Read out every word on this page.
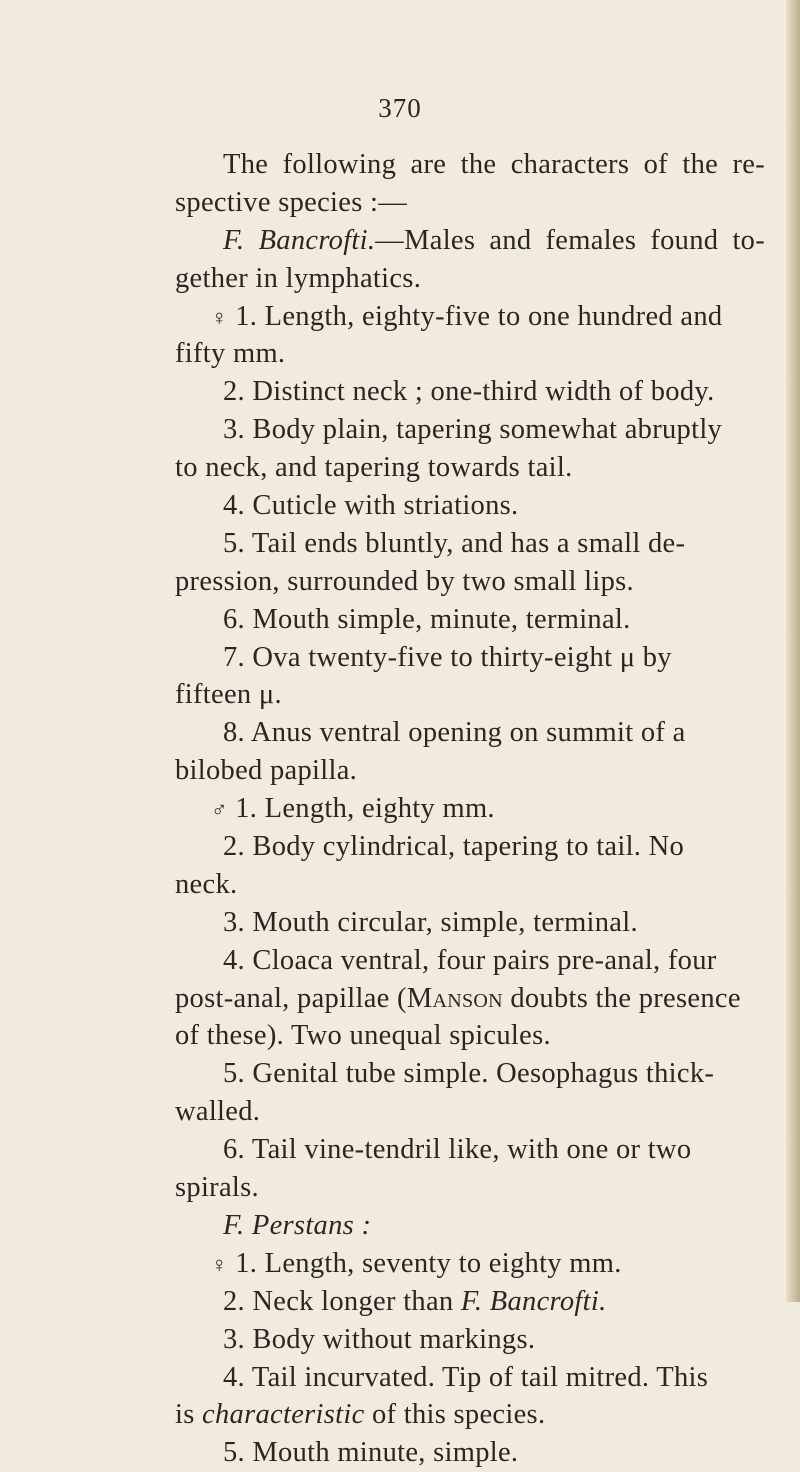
370
The following are the characters of the re-
spective species :—
F. Bancrofti.—Males and females found to-
gether in lymphatics.
♀ 1. Length, eighty-five to one hundred and
fifty mm.
2. Distinct neck ; one-third width of body.
3. Body plain, tapering somewhat abruptly
to neck, and tapering towards tail.
4. Cuticle with striations.
5. Tail ends bluntly, and has a small de-
pression, surrounded by two small lips.
6. Mouth simple, minute, terminal.
7. Ova twenty-five to thirty-eight μ by
fifteen μ.
8. Anus ventral opening on summit of a
bilobed papilla.
♂ 1. Length, eighty mm.
2. Body cylindrical, tapering to tail. No
neck.
3. Mouth circular, simple, terminal.
4. Cloaca ventral, four pairs pre-anal, four
post-anal, papillae (Manson doubts the presence
of these). Two unequal spicules.
5. Genital tube simple. Oesophagus thick-
walled.
6. Tail vine-tendril like, with one or two
spirals.
F. Perstans :
♀ 1. Length, seventy to eighty mm.
2. Neck longer than F. Bancrofti.
3. Body without markings.
4. Tail incurvated. Tip of tail mitred. This
is characteristic of this species.
5. Mouth minute, simple.
